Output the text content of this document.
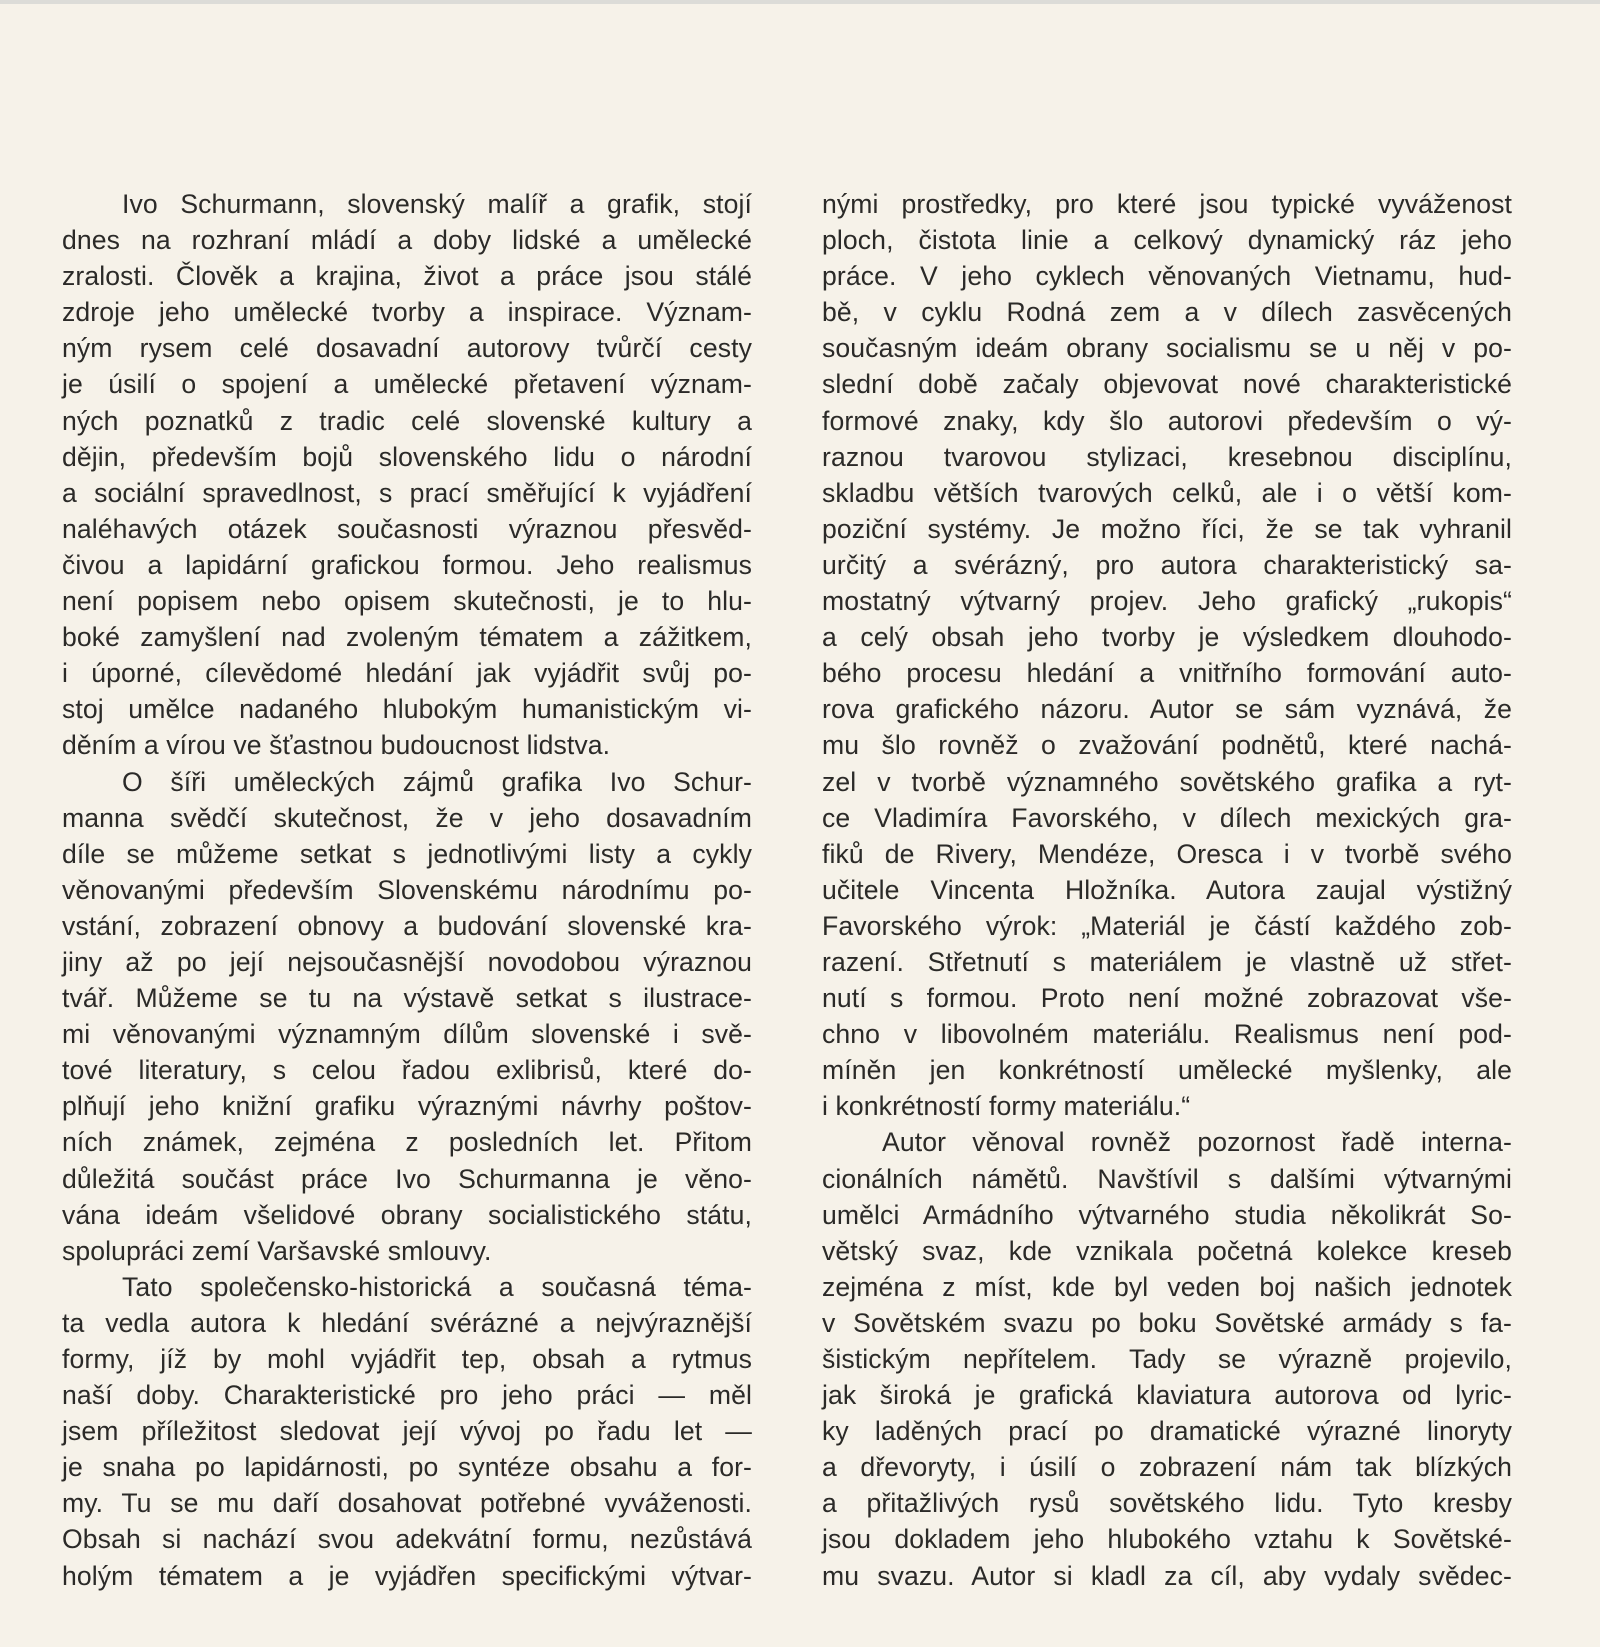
Ivo Schurmann, slovenský malíř a grafik, stojí
dnes na rozhraní mládí a doby lidské a umělecké
zralosti. Člověk a krajina, život a práce jsou stálé
zdroje jeho umělecké tvorby a inspirace. Význam-
ným rysem celé dosavadní autorovy tvůrčí cesty
je úsilí o spojení a umělecké přetavení význam-
ných poznatků z tradic celé slovenské kultury a
dějin, především bojů slovenského lidu o národní
a sociální spravedlnost, s prací směřující k vyjádření
naléhavých otázek současnosti výraznou přesvěd-
čivou a lapidární grafickou formou. Jeho realismus
není popisem nebo opisem skutečnosti, je to hlu-
boké zamyšlení nad zvoleným tématem a zážitkem,
i úporné, cílevědomé hledání jak vyjádřit svůj po-
stoj umělce nadaného hlubokým humanistickým vi-
děním a vírou ve šťastnou budoucnost lidstva.
O šíři uměleckých zájmů grafika Ivo Schur-
manna svědčí skutečnost, že v jeho dosavadním
díle se můžeme setkat s jednotlivými listy a cykly
věnovanými především Slovenskému národnímu po-
vstání, zobrazení obnovy a budování slovenské kra-
jiny až po její nejsoučasnější novodobou výraznou
tvář. Můžeme se tu na výstavě setkat s ilustrace-
mi věnovanými významným dílům slovenské i svě-
tové literatury, s celou řadou exlibrisů, které do-
plňují jeho knižní grafiku výraznými návrhy poštov-
ních známek, zejména z posledních let. Přitom
důležitá součást práce Ivo Schurmanna je věno-
vána ideám všelidové obrany socialistického státu,
spolupráci zemí Varšavské smlouvy.
Tato společensko-historická a současná téma-
ta vedla autora k hledání svérázné a nejvýraznější
formy, jíž by mohl vyjádřit tep, obsah a rytmus
naší doby. Charakteristické pro jeho práci — měl
jsem příležitost sledovat její vývoj po řadu let —
je snaha po lapidárnosti, po syntéze obsahu a for-
my. Tu se mu daří dosahovat potřebné vyváženosti.
Obsah si nachází svou adekvátní formu, nezůstává
holým tématem a je vyjádřen specifickými výtvar-
nými prostředky, pro které jsou typické vyváženost
ploch, čistota linie a celkový dynamický ráz jeho
práce. V jeho cyklech věnovaných Vietnamu, hud-
bě, v cyklu Rodná zem a v dílech zasvěcených
současným ideám obrany socialismu se u něj v po-
slední době začaly objevovat nové charakteristické
formové znaky, kdy šlo autorovi především o vý-
raznou tvarovou stylizaci, kresebnou disciplínu,
skladbu větších tvarových celků, ale i o větší kom-
poziční systémy. Je možno říci, že se tak vyhranil
určitý a svérázný, pro autora charakteristický sa-
mostatný výtvarný projev. Jeho grafický „rukopis“
a celý obsah jeho tvorby je výsledkem dlouhodo-
bého procesu hledání a vnitřního formování auto-
rova grafického názoru. Autor se sám vyznává, že
mu šlo rovněž o zvažování podnětů, které nachá-
zel v tvorbě významného sovětského grafika a ryt-
ce Vladimíra Favorského, v dílech mexických gra-
fiků de Rivery, Mendéze, Oresca i v tvorbě svého
učitele Vincenta Hložníka. Autora zaujal výstižný
Favorského výrok: „Materiál je částí každého zob-
razení. Střetnutí s materiálem je vlastně už střet-
nutí s formou. Proto není možné zobrazovat vše-
chno v libovolném materiálu. Realismus není pod-
míněn jen konkrétností umělecké myšlenky, ale
i konkrétností formy materiálu.“
Autor věnoval rovněž pozornost řadě interna-
cionálních námětů. Navštívil s dalšími výtvarnými
umělci Armádního výtvarného studia několikrát So-
větský svaz, kde vznikala početná kolekce kreseb
zejména z míst, kde byl veden boj našich jednotek
v Sovětském svazu po boku Sovětské armády s fa-
šistickým nepřítelem. Tady se výrazně projevilo,
jak široká je grafická klaviatura autorova od lyric-
ky laděných prací po dramatické výrazné linoryty
a dřevoryty, i úsilí o zobrazení nám tak blízkých
a přitažlivých rysů sovětského lidu. Tyto kresby
jsou dokladem jeho hlubokého vztahu k Sovětské-
mu svazu. Autor si kladl za cíl, aby vydaly svědec-
